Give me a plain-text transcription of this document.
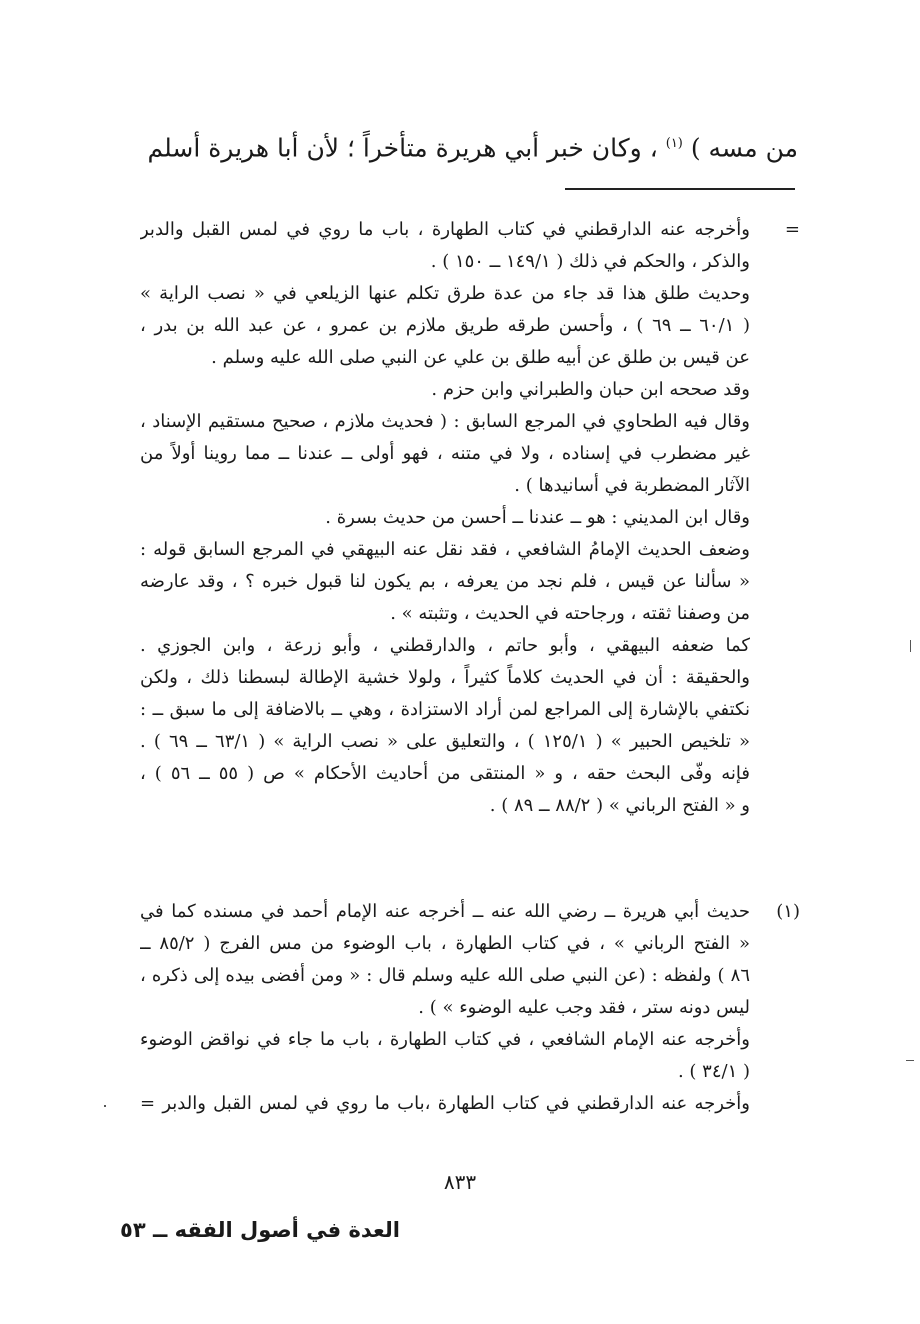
من مسه ) $^{(١)}$ ، وكان خبر أبي هريرة متأخراً ؛ لأن أبا هريرة أسلم
=
وأخرجه عنه الدارقطني في كتاب الطهارة ، باب ما روي في لمس القبل والدبر
والذكر ، والحكم في ذلك ( ١٤٩/١ ــ ١٥٠ ) .
وحديث طلق هذا قد جاء من عدة طرق تكلم عنها الزيلعي في « نصب الراية »
( ٦٠/١ ــ ٦٩ ) ، وأحسن طرقه طريق ملازم بن عمرو ، عن عبد الله بن بدر ،
عن قيس بن طلق عن أبيه طلق بن علي عن النبي صلى الله عليه وسلم .
وقد صححه ابن حبان والطبراني وابن حزم .
وقال فيه الطحاوي في المرجع السابق : ( فحديث ملازم ، صحيح مستقيم الإسناد ،
غير مضطرب في إسناده ، ولا في متنه ، فهو أولى ــ عندنا ــ مما روينا أولاً من
الآثار المضطربة في أسانيدها ) .
وقال ابن المديني : هو ــ عندنا ــ أحسن من حديث بسرة .
وضعف الحديث الإمامُ الشافعي ، فقد نقل عنه البيهقي في المرجع السابق قوله :
« سألنا عن قيس ، فلم نجد من يعرفه ، بم يكون لنا قبول خبره ؟ ، وقد عارضه
من وصفنا ثقته ، ورجاحته في الحديث ، وتثبته » .
كما ضعفه البيهقي ، وأبو حاتم ، والدارقطني ، وأبو زرعة ، وابن الجوزي .
والحقيقة : أن في الحديث كلاماً كثيراً ، ولولا خشية الإطالة لبسطنا ذلك ، ولكن
نكتفي بالإشارة إلى المراجع لمن أراد الاستزادة ، وهي ــ بالاضافة إلى ما سبق ــ :
« تلخيص الحبير » ( ١٢٥/١ ) ، والتعليق على « نصب الراية » ( ٦٣/١ ــ ٦٩ ) .
فإنه وفّى البحث حقه ، و « المنتقى من أحاديث الأحكام » ص ( ٥٥ ــ ٥٦ ) ،
و « الفتح الرباني » ( ٨٨/٢ ــ ٨٩ ) .
(١)
حديث أبي هريرة ــ رضي الله عنه ــ أخرجه عنه الإمام أحمد في مسنده كما في
« الفتح الرباني » ، في كتاب الطهارة ، باب الوضوء من مس الفرج ( ٨٥/٢ ــ
٨٦ ) ولفظه : (عن النبي صلى الله عليه وسلم قال : « ومن أفضى بيده إلى ذكره ،
ليس دونه ستر ، فقد وجب عليه الوضوء » ) .
وأخرجه عنه الإمام الشافعي ، في كتاب الطهارة ، باب ما جاء في نواقض الوضوء
( ٣٤/١ ) .
وأخرجه عنه الدارقطني في كتاب الطهارة ،باب ما روي في لمس القبل والدبر =
٨٣٣
العدة في أصول الفقه ــ ٥٣
